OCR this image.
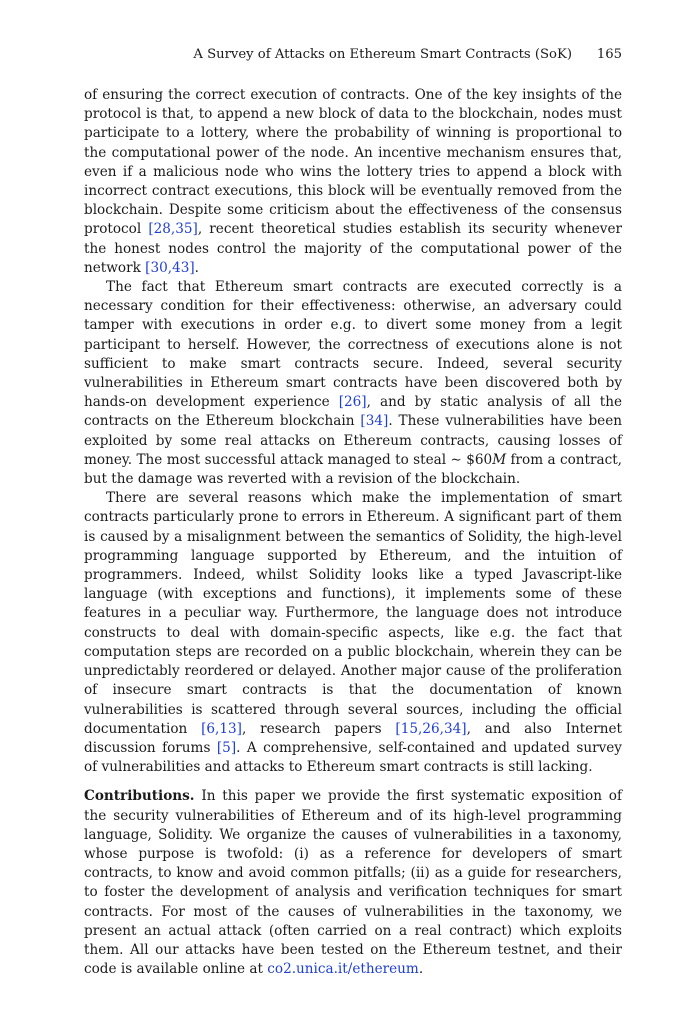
A Survey of Attacks on Ethereum Smart Contracts (SoK) 165

of ensuring the correct execution of contracts. One of the key insights of the protocol is that, to append a new block of data to the blockchain, nodes must participate to a lottery, where the probability of winning is proportional to the computational power of the node. An incentive mechanism ensures that, even if a malicious node who wins the lottery tries to append a block with incorrect contract executions, this block will be eventually removed from the blockchain. Despite some criticism about the effectiveness of the consensus protocol [28,35], recent theoretical studies establish its security whenever the honest nodes control the majority of the computational power of the network [30,43].

The fact that Ethereum smart contracts are executed correctly is a necessary condition for their effectiveness: otherwise, an adversary could tamper with executions in order e.g. to divert some money from a legit participant to herself. However, the correctness of executions alone is not sufficient to make smart contracts secure. Indeed, several security vulnerabilities in Ethereum smart contracts have been discovered both by hands-on development experience [26], and by static analysis of all the contracts on the Ethereum blockchain [34]. These vulnerabilities have been exploited by some real attacks on Ethereum contracts, causing losses of money. The most successful attack managed to steal ∼ $60M from a contract, but the damage was reverted with a revision of the blockchain.

There are several reasons which make the implementation of smart contracts particularly prone to errors in Ethereum. A significant part of them is caused by a misalignment between the semantics of Solidity, the high-level programming language supported by Ethereum, and the intuition of programmers. Indeed, whilst Solidity looks like a typed Javascript-like language (with exceptions and functions), it implements some of these features in a peculiar way. Furthermore, the language does not introduce constructs to deal with domain-specific aspects, like e.g. the fact that computation steps are recorded on a public blockchain, wherein they can be unpredictably reordered or delayed. Another major cause of the proliferation of insecure smart contracts is that the documentation of known vulnerabilities is scattered through several sources, including the official documentation [6,13], research papers [15,26,34], and also Internet discussion forums [5]. A comprehensive, self-contained and updated survey of vulnerabilities and attacks to Ethereum smart contracts is still lacking.

Contributions. In this paper we provide the first systematic exposition of the security vulnerabilities of Ethereum and of its high-level programming language, Solidity. We organize the causes of vulnerabilities in a taxonomy, whose purpose is twofold: (i) as a reference for developers of smart contracts, to know and avoid common pitfalls; (ii) as a guide for researchers, to foster the development of analysis and verification techniques for smart contracts. For most of the causes of vulnerabilities in the taxonomy, we present an actual attack (often carried on a real contract) which exploits them. All our attacks have been tested on the Ethereum testnet, and their code is available online at co2.unica.it/ethereum.
